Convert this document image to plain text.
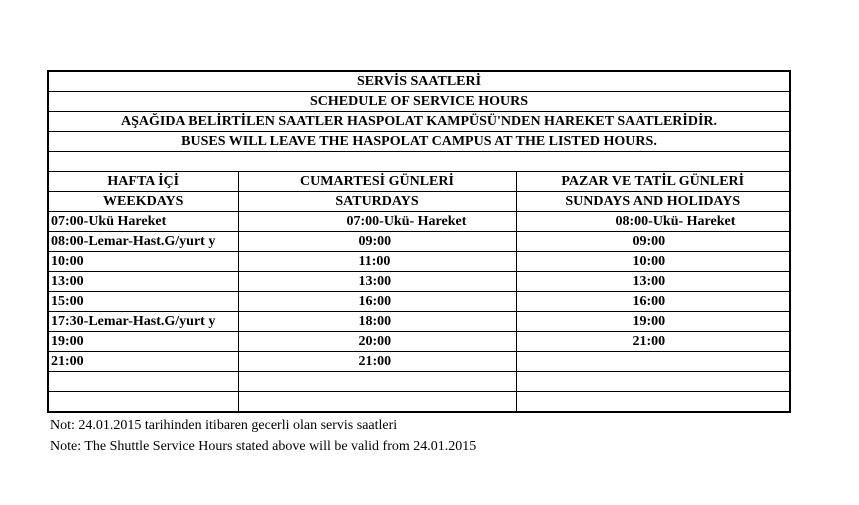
SERVİS SAATLERİ		
SCHEDULE OF SERVICE HOURS		
AŞAĞIDA BELİRTİLEN SAATLER HASPOLAT KAMPÜSÜ'NDEN HAREKET SAATLERİDİR.		
BUSES WILL LEAVE THE HASPOLAT CAMPUS AT THE LISTED HOURS.		

HAFTA İÇİ	CUMARTESİ GÜNLERİ	PAZAR VE TATİL GÜNLERİ
WEEKDAYS	SATURDAYS	SUNDAYS AND HOLIDAYS
07:00-Ukü Hareket	07:00-Ukü- Hareket	08:00-Ukü- Hareket
08:00-Lemar-Hast.G/yurt y	09:00	09:00
10:00	11:00	10:00
13:00	13:00	13:00
15:00	16:00	16:00
17:30-Lemar-Hast.G/yurt y	18:00	19:00
19:00	20:00	21:00
21:00	21:00	

Not: 24.01.2015 tarihinden itibaren gecerli olan servis saatleri
Note: The Shuttle Service Hours stated above will be valid from 24.01.2015
